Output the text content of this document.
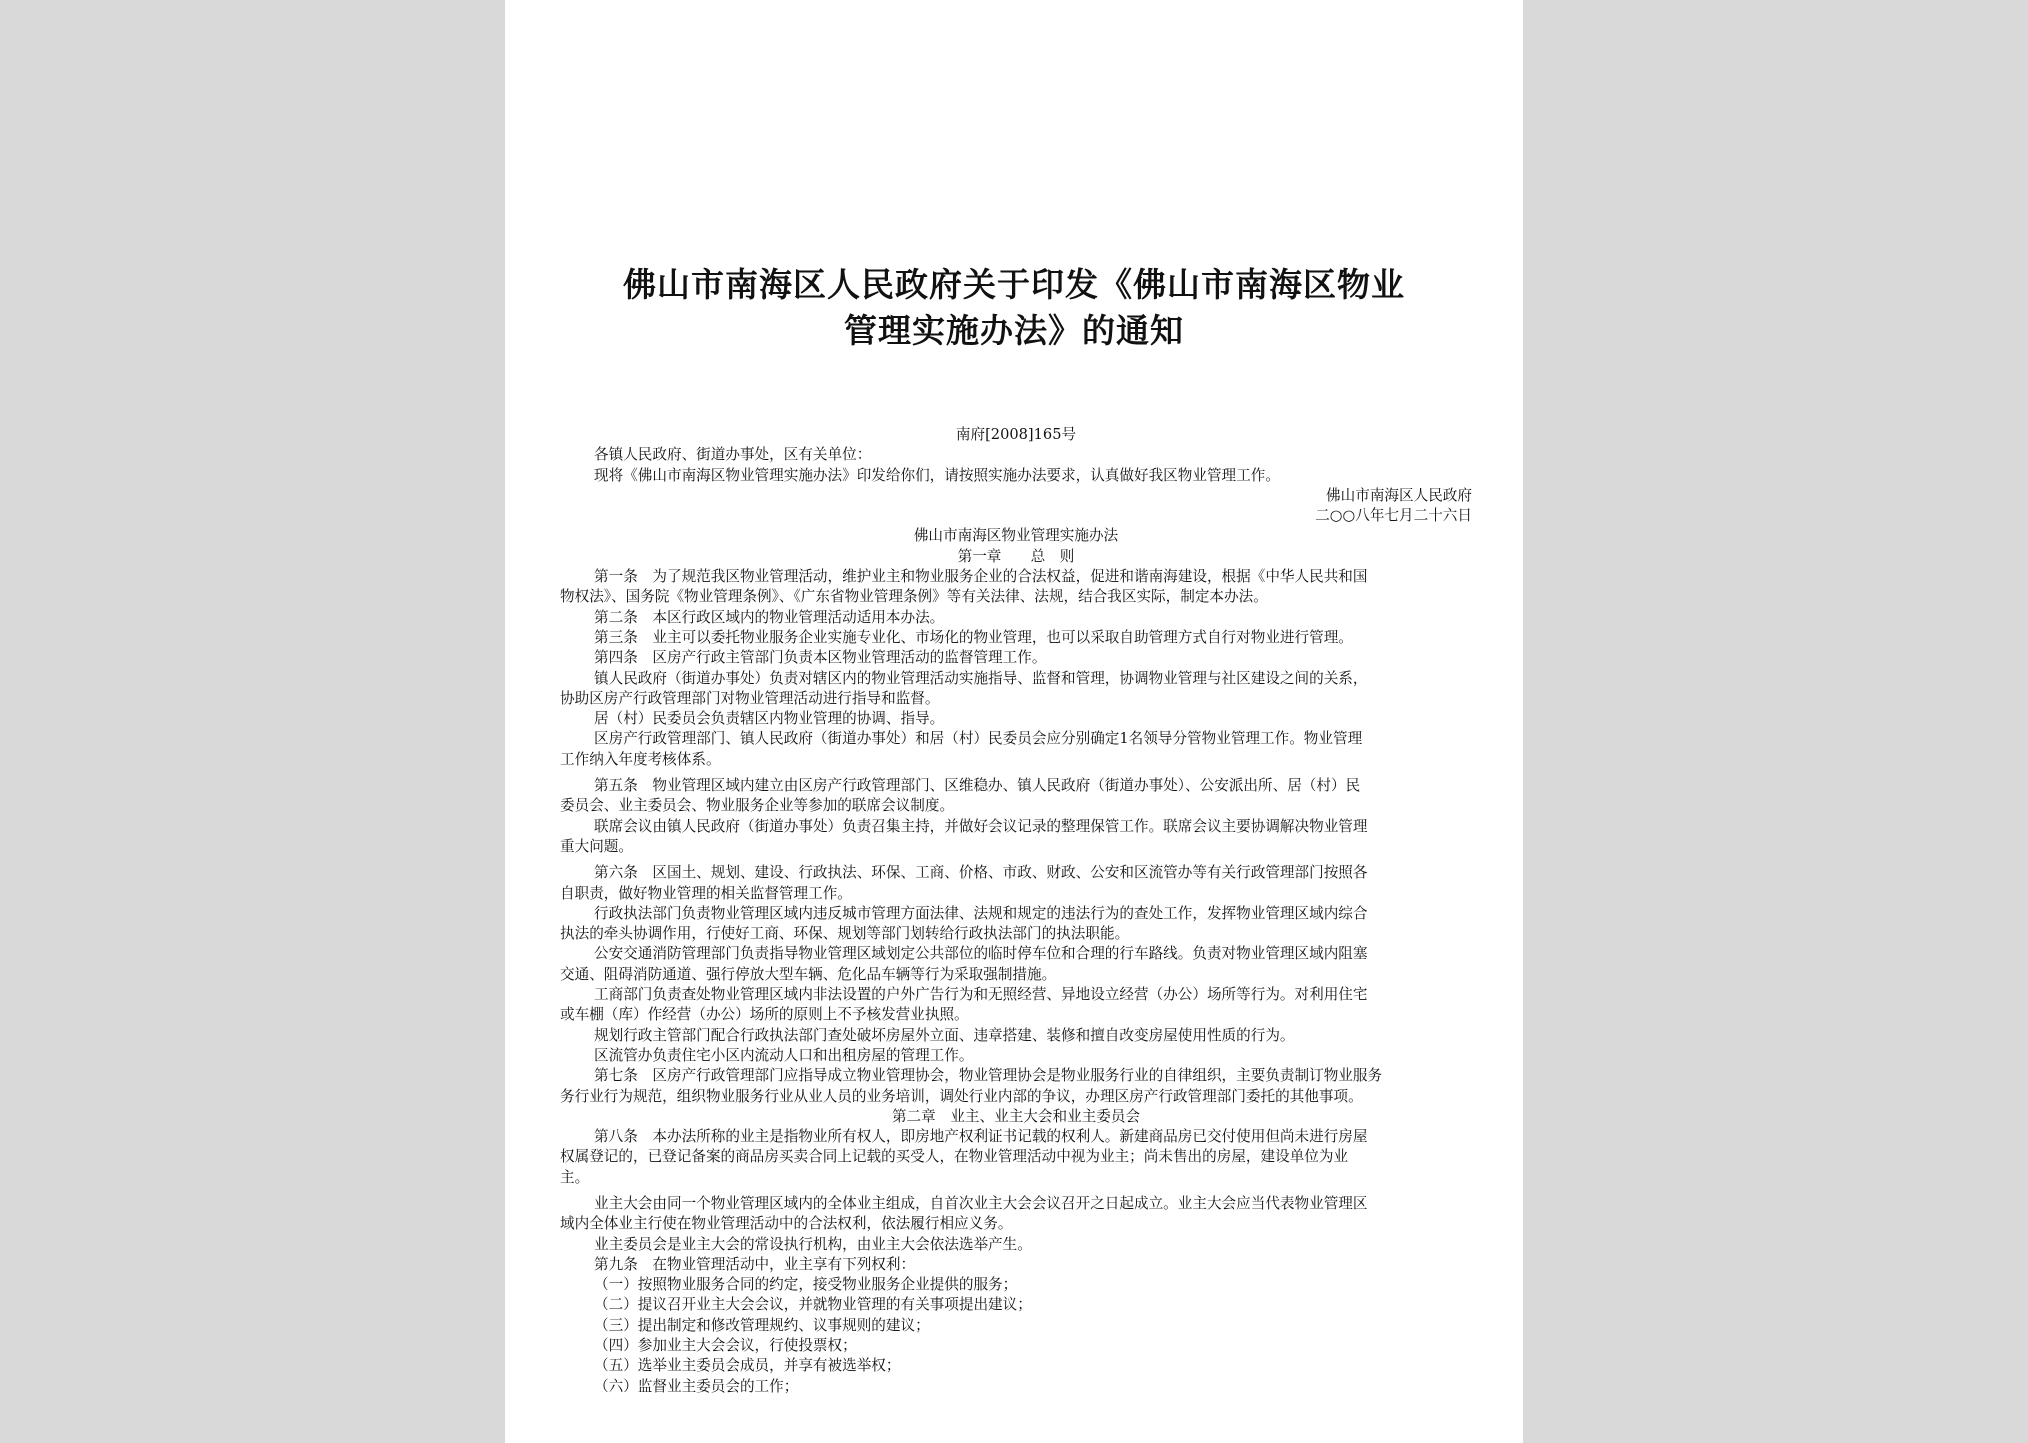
佛山市南海区人民政府关于印发《佛山市南海区物业
管理实施办法》的通知
南府[2008]165号
各镇人民政府、街道办事处，区有关单位：
现将《佛山市南海区物业管理实施办法》印发给你们，请按照实施办法要求，认真做好我区物业管理工作。
佛山市南海区人民政府
二○○八年七月二十六日
佛山市南海区物业管理实施办法
第一章　　总　则
第一条　为了规范我区物业管理活动，维护业主和物业服务企业的合法权益，促进和谐南海建设，根据《中华人民共和国
物权法》、国务院《物业管理条例》、《广东省物业管理条例》等有关法律、法规，结合我区实际，制定本办法。
第二条　本区行政区域内的物业管理活动适用本办法。
第三条　业主可以委托物业服务企业实施专业化、市场化的物业管理，也可以采取自助管理方式自行对物业进行管理。
第四条　区房产行政主管部门负责本区物业管理活动的监督管理工作。
镇人民政府（街道办事处）负责对辖区内的物业管理活动实施指导、监督和管理，协调物业管理与社区建设之间的关系，
协助区房产行政管理部门对物业管理活动进行指导和监督。
居（村）民委员会负责辖区内物业管理的协调、指导。
区房产行政管理部门、镇人民政府（街道办事处）和居（村）民委员会应分别确定1名领导分管物业管理工作。物业管理
工作纳入年度考核体系。
第五条　物业管理区域内建立由区房产行政管理部门、区维稳办、镇人民政府（街道办事处）、公安派出所、居（村）民
委员会、业主委员会、物业服务企业等参加的联席会议制度。
联席会议由镇人民政府（街道办事处）负责召集主持，并做好会议记录的整理保管工作。联席会议主要协调解决物业管理
重大问题。
第六条　区国土、规划、建设、行政执法、环保、工商、价格、市政、财政、公安和区流管办等有关行政管理部门按照各
自职责，做好物业管理的相关监督管理工作。
行政执法部门负责物业管理区域内违反城市管理方面法律、法规和规定的违法行为的查处工作，发挥物业管理区域内综合
执法的牵头协调作用，行使好工商、环保、规划等部门划转给行政执法部门的执法职能。
公安交通消防管理部门负责指导物业管理区域划定公共部位的临时停车位和合理的行车路线。负责对物业管理区域内阻塞
交通、阻碍消防通道、强行停放大型车辆、危化品车辆等行为采取强制措施。
工商部门负责查处物业管理区域内非法设置的户外广告行为和无照经营、异地设立经营（办公）场所等行为。对利用住宅
或车棚（库）作经营（办公）场所的原则上不予核发营业执照。
规划行政主管部门配合行政执法部门查处破坏房屋外立面、违章搭建、装修和擅自改变房屋使用性质的行为。
区流管办负责住宅小区内流动人口和出租房屋的管理工作。
第七条　区房产行政管理部门应指导成立物业管理协会，物业管理协会是物业服务行业的自律组织，主要负责制订物业服务
务行业行为规范，组织物业服务行业从业人员的业务培训，调处行业内部的争议，办理区房产行政管理部门委托的其他事项。
第二章　业主、业主大会和业主委员会
第八条　本办法所称的业主是指物业所有权人，即房地产权利证书记载的权利人。新建商品房已交付使用但尚未进行房屋
权属登记的，已登记备案的商品房买卖合同上记载的买受人，在物业管理活动中视为业主；尚未售出的房屋，建设单位为业
主。
业主大会由同一个物业管理区域内的全体业主组成，自首次业主大会会议召开之日起成立。业主大会应当代表物业管理区
域内全体业主行使在物业管理活动中的合法权利，依法履行相应义务。
业主委员会是业主大会的常设执行机构，由业主大会依法选举产生。
第九条　在物业管理活动中，业主享有下列权利：
（一）按照物业服务合同的约定，接受物业服务企业提供的服务；
（二）提议召开业主大会会议，并就物业管理的有关事项提出建议；
（三）提出制定和修改管理规约、议事规则的建议；
（四）参加业主大会会议，行使投票权；
（五）选举业主委员会成员，并享有被选举权；
（六）监督业主委员会的工作；
